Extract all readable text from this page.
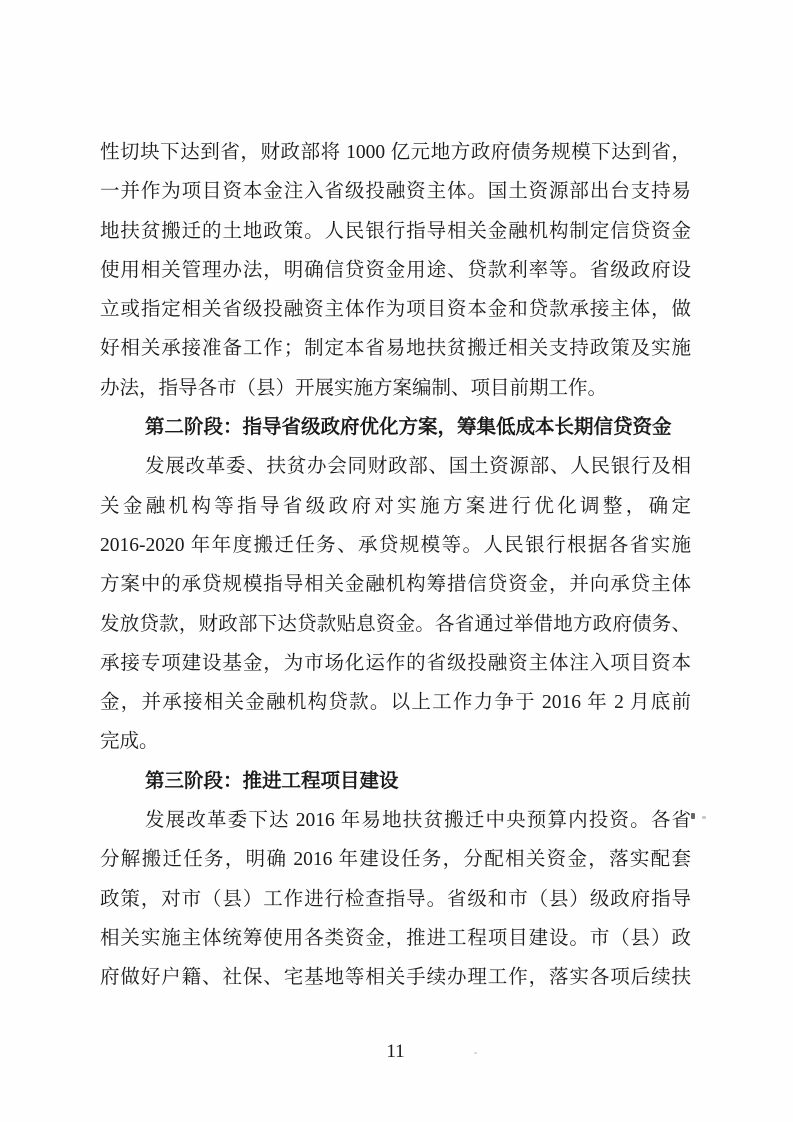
性切块下达到省，财政部将 1000 亿元地方政府债务规模下达到省，
一并作为项目资本金注入省级投融资主体。国土资源部出台支持易
地扶贫搬迁的土地政策。人民银行指导相关金融机构制定信贷资金
使用相关管理办法，明确信贷资金用途、贷款利率等。省级政府设
立或指定相关省级投融资主体作为项目资本金和贷款承接主体，做
好相关承接准备工作；制定本省易地扶贫搬迁相关支持政策及实施
办法，指导各市（县）开展实施方案编制、项目前期工作。
第二阶段：指导省级政府优化方案，筹集低成本长期信贷资金
发展改革委、扶贫办会同财政部、国土资源部、人民银行及相
关金融机构等指导省级政府对实施方案进行优化调整，确定
2016-2020 年年度搬迁任务、承贷规模等。人民银行根据各省实施
方案中的承贷规模指导相关金融机构筹措信贷资金，并向承贷主体
发放贷款，财政部下达贷款贴息资金。各省通过举借地方政府债务、
承接专项建设基金，为市场化运作的省级投融资主体注入项目资本
金，并承接相关金融机构贷款。以上工作力争于 2016 年 2 月底前
完成。
第三阶段：推进工程项目建设
发展改革委下达 2016 年易地扶贫搬迁中央预算内投资。各省
分解搬迁任务，明确 2016 年建设任务，分配相关资金，落实配套
政策，对市（县）工作进行检查指导。省级和市（县）级政府指导
相关实施主体统筹使用各类资金，推进工程项目建设。市（县）政
府做好户籍、社保、宅基地等相关手续办理工作，落实各项后续扶
11
